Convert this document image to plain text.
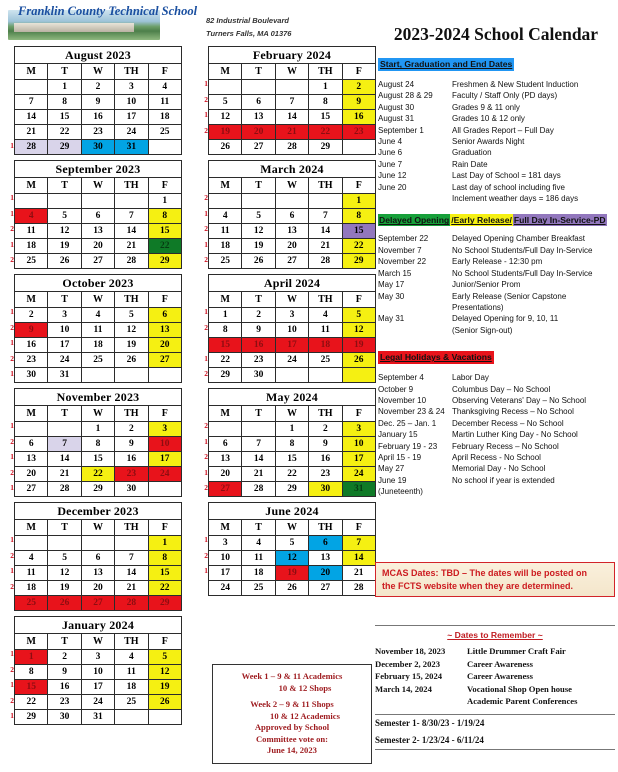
Franklin County Technical School
82 Industrial Boulevard
Turners Falls, MA 01376	2023-2024 School Calendar
August 2023				
M	T	W	TH	F
	1	2	3	4
7	8	9	10	11
14	15	16	17	18
21	22	23	24	25
28	29	30	31	
1
September 2023				
M	T	W	TH	F
				1
4	5	6	7	8
11	12	13	14	15
18	19	20	21	22
25	26	27	28	29
1
1
2
1
2
October 2023				
M	T	W	TH	F
2	3	4	5	6
9	10	11	12	13
16	17	18	19	20
23	24	25	26	27
30	31			
1
2
1
2
1
November 2023				
M	T	W	TH	F
		1	2	3
6	7	8	9	10
13	14	15	16	17
20	21	22	23	24
27	28	29	30	
1
2
1
2
1
December 2023				
M	T	W	TH	F
				1
4	5	6	7	8
11	12	13	14	15
18	19	20	21	22
25	26	27	28	29
1
2
1
2
January 2024				
M	T	W	TH	F
1	2	3	4	5
8	9	10	11	12
15	16	17	18	19
22	23	24	25	26
29	30	31		
1
2
1
2
1
February 2024				
M	T	W	TH	F
			1	2
5	6	7	8	9
12	13	14	15	16
19	20	21	22	23
26	27	28	29	
1
2
1
2
March 2024				
M	T	W	TH	F
				1
4	5	6	7	8
11	12	13	14	15
18	19	20	21	22
25	26	27	28	29
2
1
2
1
2
April 2024				
M	T	W	TH	F
1	2	3	4	5
8	9	10	11	12
15	16	17	18	19
22	23	24	25	26
29	30			
1
2
1
2
May 2024				
M	T	W	TH	F
		1	2	3
6	7	8	9	10
13	14	15	16	17
20	21	22	23	24
27	28	29	30	31
2
1
2
1
2
June 2024				
M	T	W	TH	F
3	4	5	6	7
10	11	12	13	14
17	18	19	20	21
24	25	26	27	28
1
2
1
Start, Graduation and End Dates
August 24	Freshmen & New Student Induction
August 28 & 29	Faculty / Staff Only (PD days)
August 30	Grades 9 & 11 only
August 31	Grades 10 & 12 only
September 1	All Grades Report – Full Day
June 4	Senior Awards Night
June 6	Graduation
June 7	Rain Date
June 12	Last Day of School = 181 days
June 20	Last day of school including five
Inclement weather days = 186 days
Delayed Opening /Early Release/ Full Day In-Service-PD
September 22	Delayed Opening Chamber Breakfast
November 7	No School Students/Full Day In-Service
November 22	Early Release - 12:30 pm
March 15	No School Students/Full Day In-Service
May 17	Junior/Senior Prom
May 30	Early Release (Senior Capstone Presentations)
May 31	Delayed Opening for 9, 10, 11
(Senior Sign-out)
Legal Holidays & Vacations
September 4	Labor Day
October 9	Columbus Day – No School
November 10	Observing Veterans' Day – No School
November 23 & 24 Thanksgiving Recess – No School
Dec. 25 – Jan. 1	December Recess – No School
January 15	Martin Luther King Day - No School
February 19 - 23	February Recess – No School
April 15 - 19	April Recess - No School
May 27	Memorial Day - No School
June 19 (Juneteenth)
No school if year is extended
MCAS Dates: TBD – The dates will be posted on
the FCTS website when they are determined.
~ Dates to Remember ~
November 18, 2023	Little Drummer Craft Fair
December 2, 2023	Career Awareness
February 15, 2024	Career Awareness
March 14, 2024	Vocational Shop Open house
Academic Parent Conferences
Semester 1- 8/30/23 - 1/19/24
Semester 2- 1/23/24 - 6/11/24
Week 1 – 9 & 11 Academics
10 & 12 Shops
Week 2 – 9 & 11 Shops
10 & 12 Academics
Approved by School
Committee vote on:
June 14, 2023
